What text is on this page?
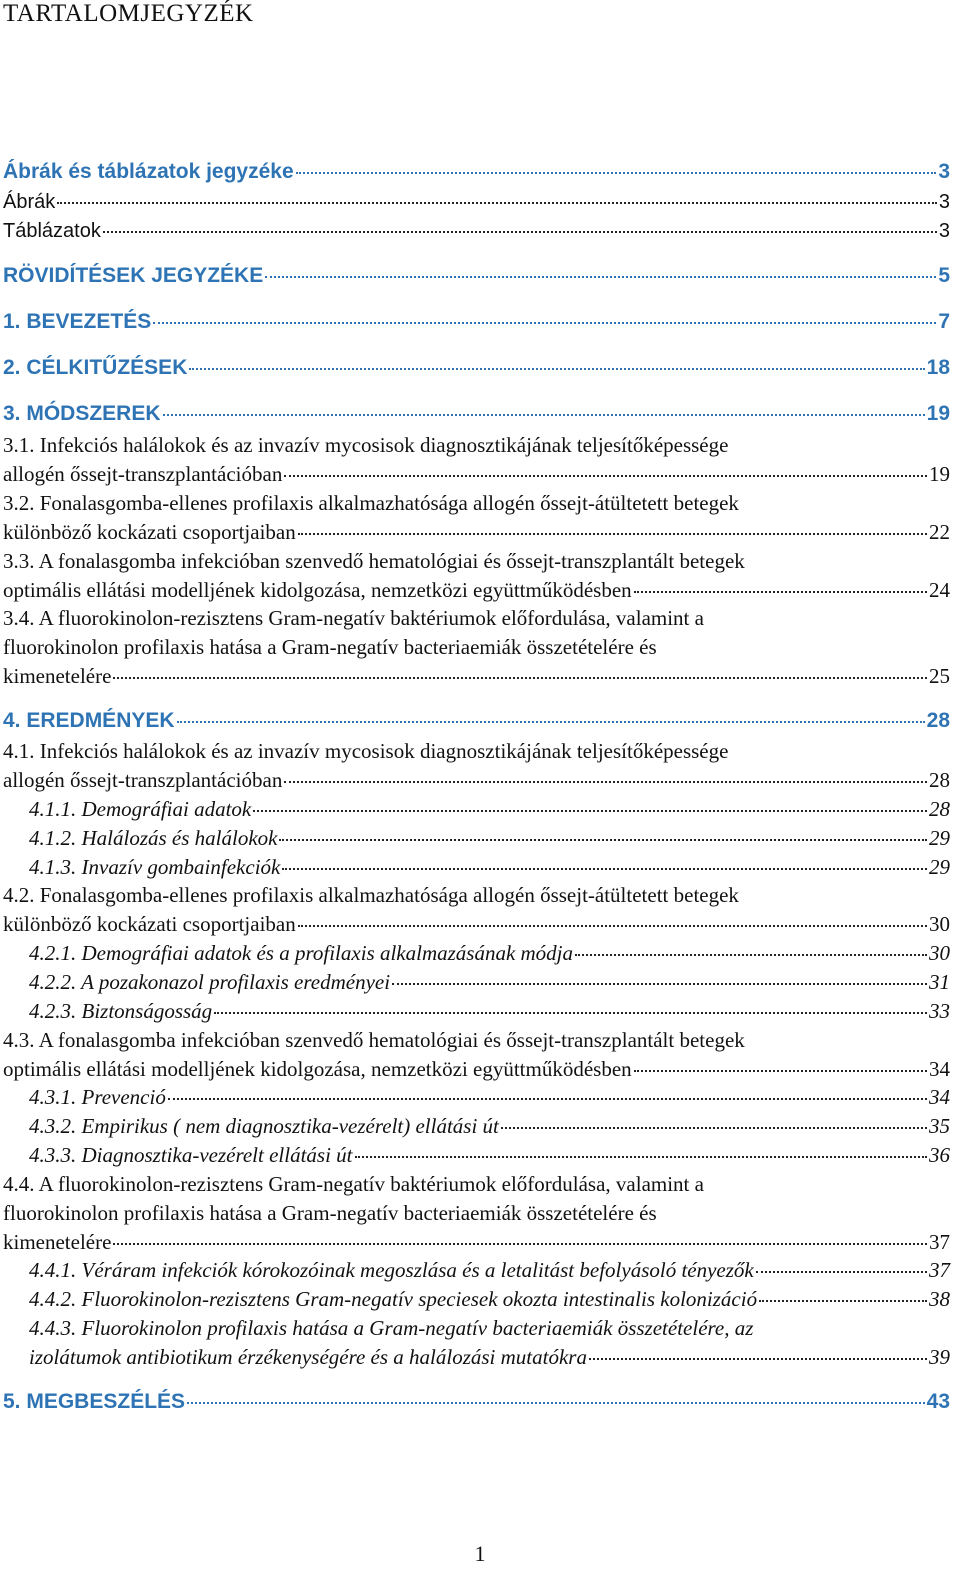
TARTALOMJEGYZÉK
Ábrák és táblázatok jegyzéke	3
Ábrák	3
Táblázatok	3
RÖVIDÍTÉSEK JEGYZÉKE	5
1. BEVEZETÉS	7
2. CÉLKITŰZÉSEK	18
3. MÓDSZEREK	19
3.1. Infekciós halálokok és az invazív mycosisok diagnosztikájának teljesítőképessége
allogén őssejt-transzplantációban	19
3.2. Fonalasgomba-ellenes profilaxis alkalmazhatósága allogén őssejt-átültetett betegek
különböző kockázati csoportjaiban	22
3.3. A fonalasgomba infekcióban szenvedő hematológiai és őssejt-transzplantált betegek
optimális ellátási modelljének kidolgozása, nemzetközi együttműködésben	24
3.4. A fluorokinolon-rezisztens Gram-negatív baktériumok előfordulása, valamint a
fluorokinolon profilaxis hatása a Gram-negatív bacteriaemiák összetételére és
kimenetelére	25
4. EREDMÉNYEK	28
4.1. Infekciós halálokok és az invazív mycosisok diagnosztikájának teljesítőképessége
allogén őssejt-transzplantációban	28
4.1.1. Demográfiai adatok	28
4.1.2. Halálozás és halálokok	29
4.1.3. Invazív gombainfekciók	29
4.2. Fonalasgomba-ellenes profilaxis alkalmazhatósága allogén őssejt-átültetett betegek
különböző kockázati csoportjaiban	30
4.2.1. Demográfiai adatok és a profilaxis alkalmazásának módja	30
4.2.2. A pozakonazol profilaxis eredményei	31
4.2.3. Biztonságosság	33
4.3. A fonalasgomba infekcióban szenvedő hematológiai és őssejt-transzplantált betegek
optimális ellátási modelljének kidolgozása, nemzetközi együttműködésben	34
4.3.1. Prevenció	34
4.3.2. Empirikus ( nem diagnosztika-vezérelt) ellátási út	35
4.3.3. Diagnosztika-vezérelt ellátási út	36
4.4. A fluorokinolon-rezisztens Gram-negatív baktériumok előfordulása, valamint a
fluorokinolon profilaxis hatása a Gram-negatív bacteriaemiák összetételére és
kimenetelére	37
4.4.1. Véráram infekciók kórokozóinak megoszlása és a letalitást befolyásoló tényezők	37
4.4.2. Fluorokinolon-rezisztens Gram-negatív speciesek okozta intestinalis kolonizáció	38
4.4.3. Fluorokinolon profilaxis hatása a Gram-negatív bacteriaemiák összetételére, az
izolátumok antibiotikum érzékenységére és a halálozási mutatókra	39
5. MEGBESZÉLÉS	43
1
